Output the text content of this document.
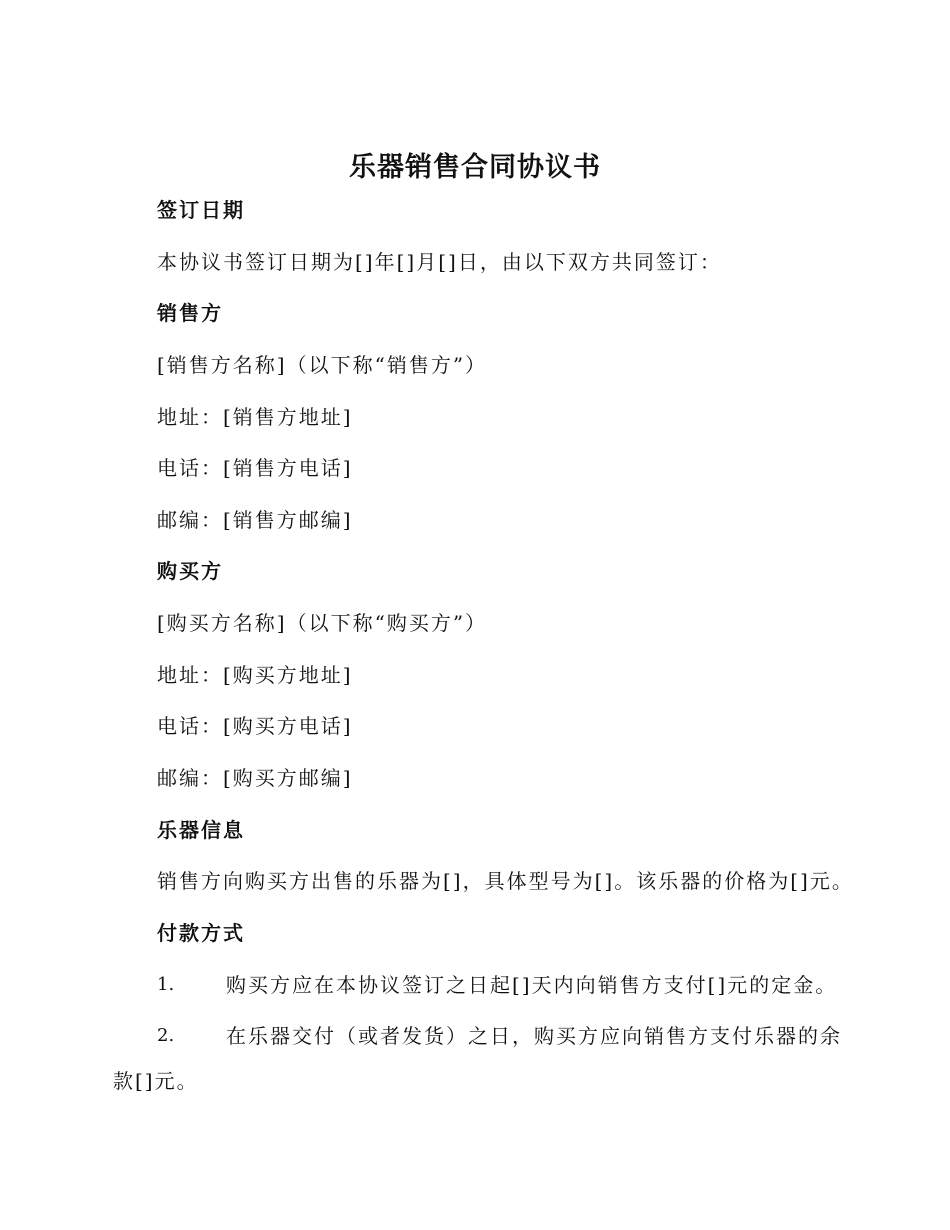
乐器销售合同协议书
签订日期
本协议书签订日期为[]年[]月[]日，由以下双方共同签订：
销售方
[销售方名称]（以下称“销售方”）
地址：[销售方地址]
电话：[销售方电话]
邮编：[销售方邮编]
购买方
[购买方名称]（以下称“购买方”）
地址：[购买方地址]
电话：[购买方电话]
邮编：[购买方邮编]
乐器信息
销售方向购买方出售的乐器为[]，具体型号为[]。该乐器的价格为[]元。
付款方式
1.	购买方应在本协议签订之日起[]天内向销售方支付[]元的定金。
2.	在乐器交付（或者发货）之日，购买方应向销售方支付乐器的余
款[]元。
